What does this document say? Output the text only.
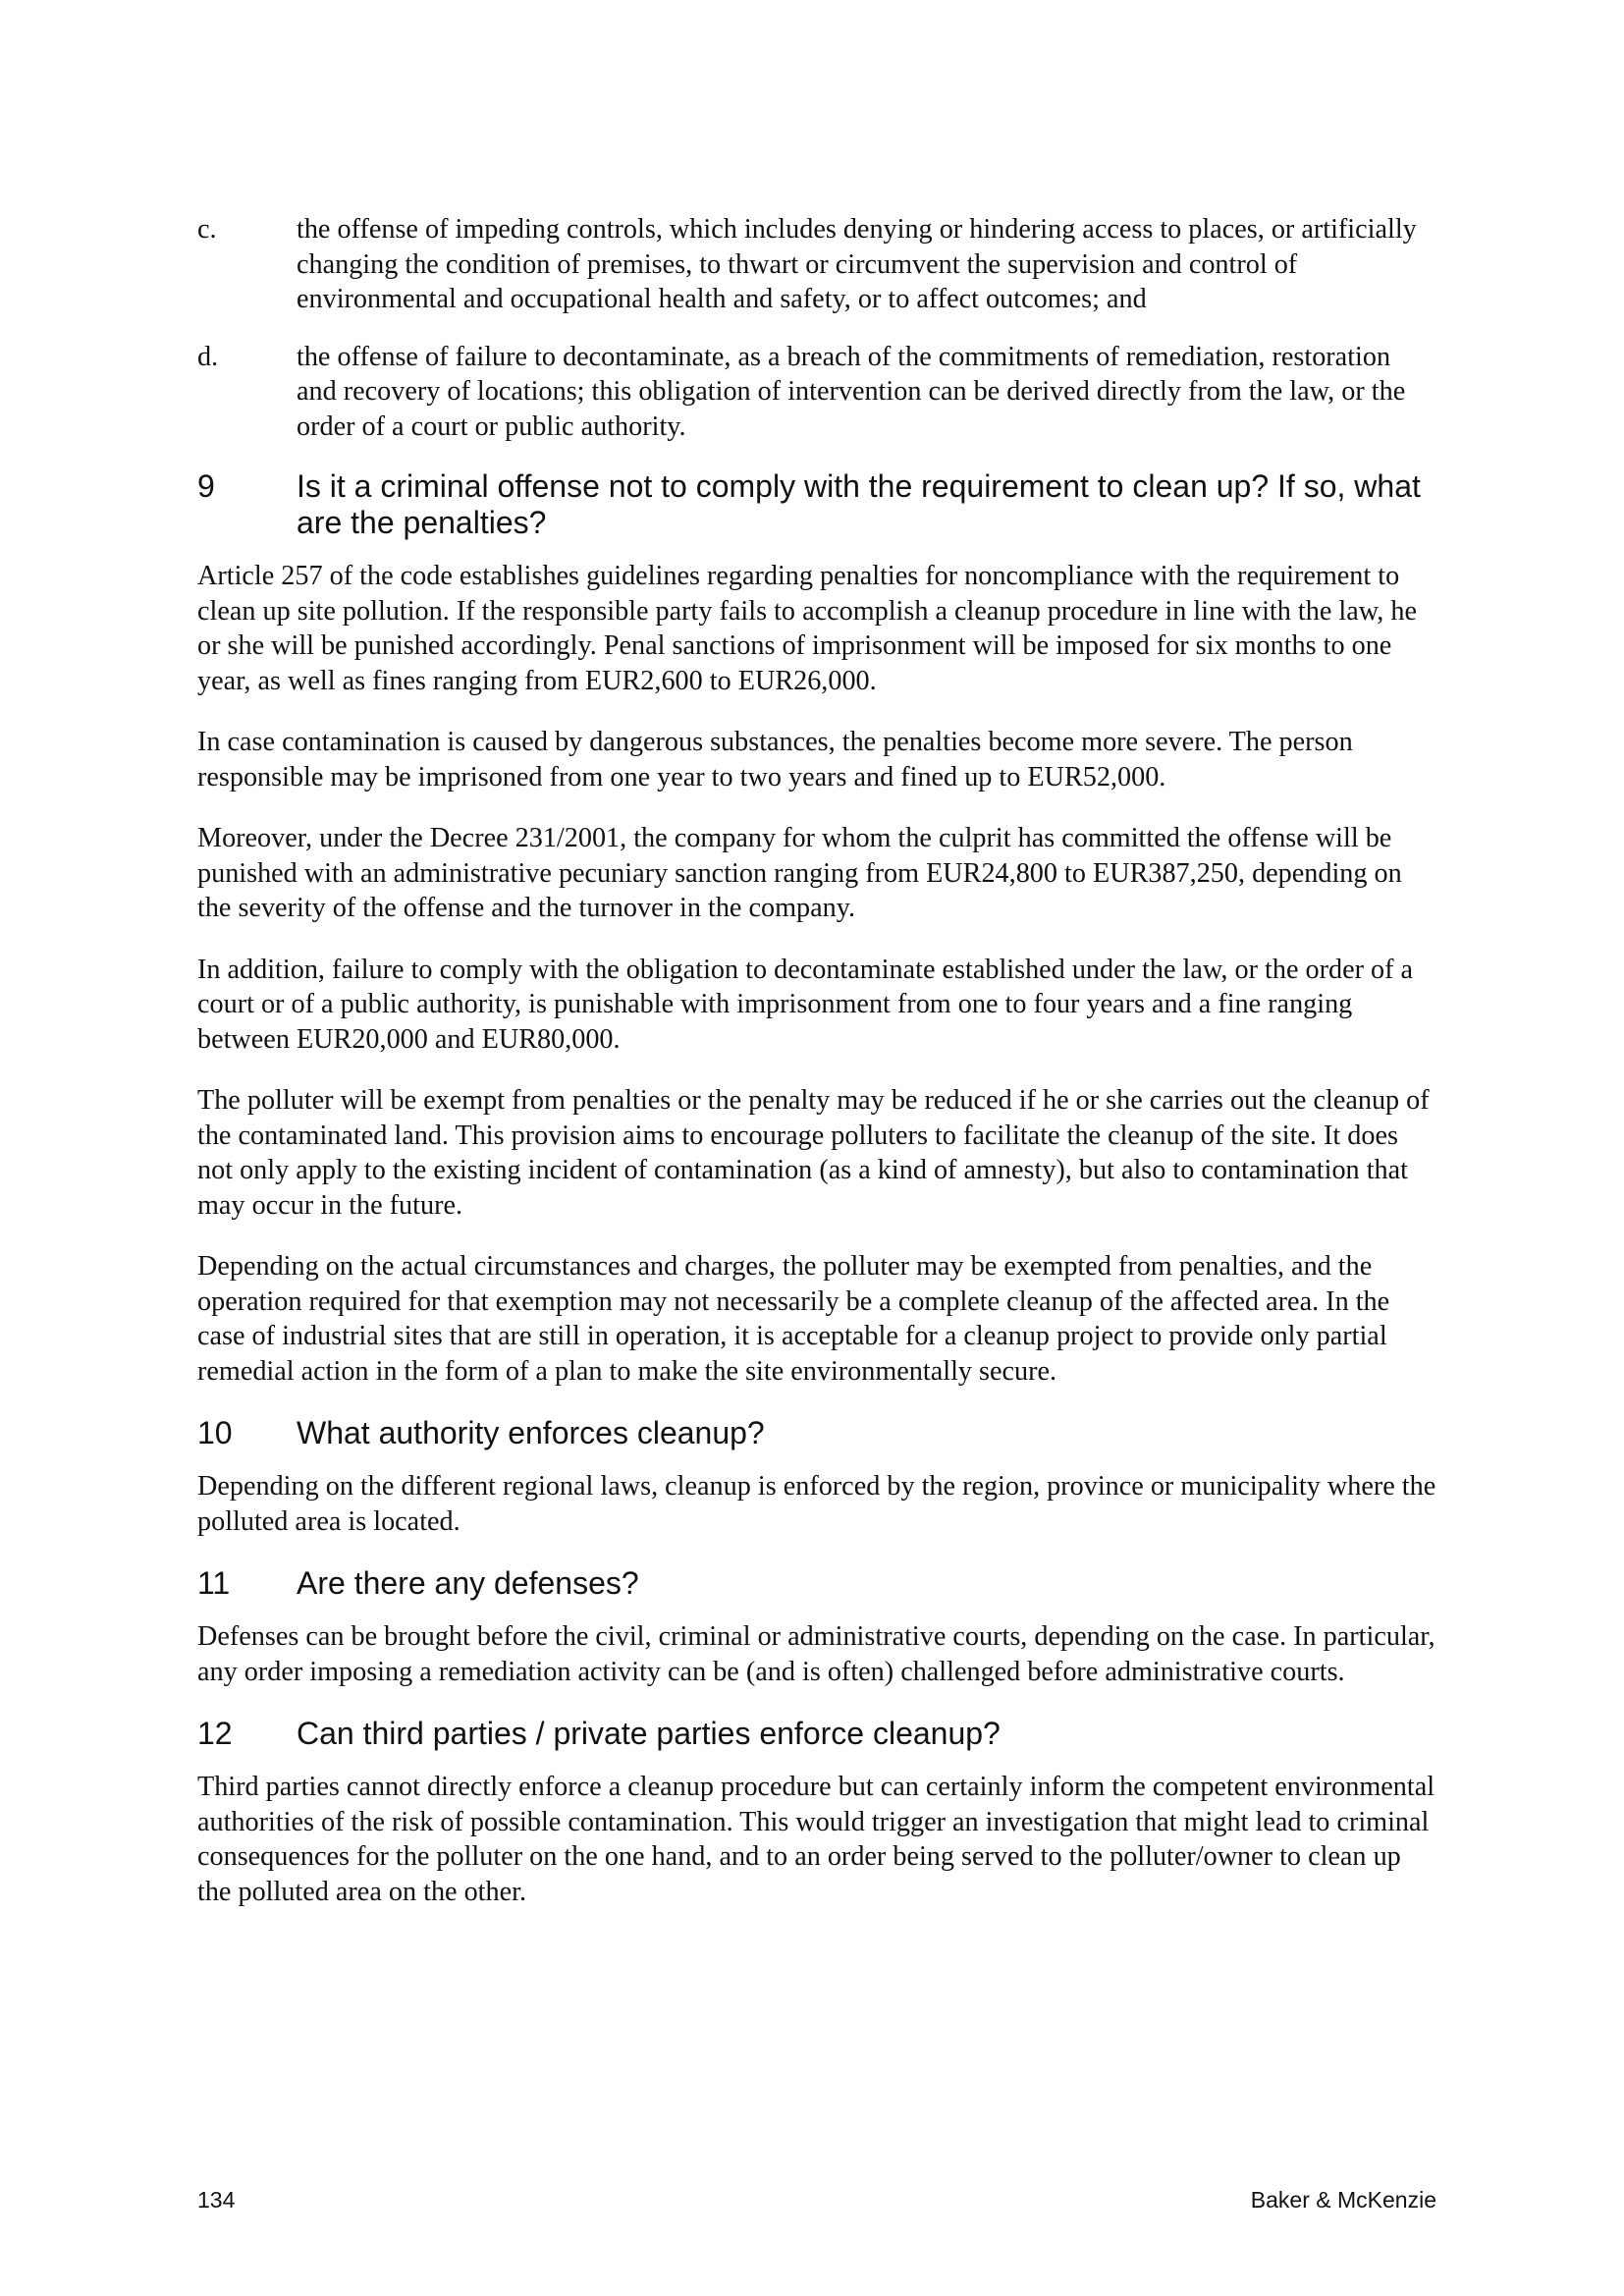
c.	the offense of impeding controls, which includes denying or hindering access to places, or artificially changing the condition of premises, to thwart or circumvent the supervision and control of environmental and occupational health and safety, or to affect outcomes; and
d.	the offense of failure to decontaminate, as a breach of the commitments of remediation, restoration and recovery of locations; this obligation of intervention can be derived directly from the law, or the order of a court or public authority.
9	Is it a criminal offense not to comply with the requirement to clean up? If so, what are the penalties?

Article 257 of the code establishes guidelines regarding penalties for noncompliance with the requirement to clean up site pollution. If the responsible party fails to accomplish a cleanup procedure in line with the law, he or she will be punished accordingly. Penal sanctions of imprisonment will be imposed for six months to one year, as well as fines ranging from EUR2,600 to EUR26,000.

In case contamination is caused by dangerous substances, the penalties become more severe. The person responsible may be imprisoned from one year to two years and fined up to EUR52,000.

Moreover, under the Decree 231/2001, the company for whom the culprit has committed the offense will be punished with an administrative pecuniary sanction ranging from EUR24,800 to EUR387,250, depending on the severity of the offense and the turnover in the company.

In addition, failure to comply with the obligation to decontaminate established under the law, or the order of a court or of a public authority, is punishable with imprisonment from one to four years and a fine ranging between EUR20,000 and EUR80,000.

The polluter will be exempt from penalties or the penalty may be reduced if he or she carries out the cleanup of the contaminated land. This provision aims to encourage polluters to facilitate the cleanup of the site. It does not only apply to the existing incident of contamination (as a kind of amnesty), but also to contamination that may occur in the future.

Depending on the actual circumstances and charges, the polluter may be exempted from penalties, and the operation required for that exemption may not necessarily be a complete cleanup of the affected area. In the case of industrial sites that are still in operation, it is acceptable for a cleanup project to provide only partial remedial action in the form of a plan to make the site environmentally secure.

10 What authority enforces cleanup?

Depending on the different regional laws, cleanup is enforced by the region, province or municipality where the polluted area is located.

11 Are there any defenses?

Defenses can be brought before the civil, criminal or administrative courts, depending on the case. In particular, any order imposing a remediation activity can be (and is often) challenged before administrative courts.

12 Can third parties / private parties enforce cleanup?

Third parties cannot directly enforce a cleanup procedure but can certainly inform the competent environmental authorities of the risk of possible contamination. This would trigger an investigation that might lead to criminal consequences for the polluter on the one hand, and to an order being served to the polluter/owner to clean up the polluted area on the other.

134	Baker & McKenzie
